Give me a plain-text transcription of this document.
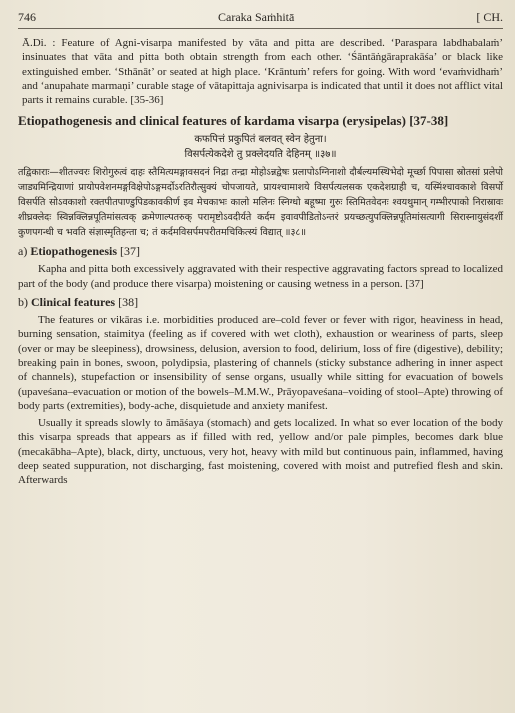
746	Caraka Saṁhitā	[ CH.

Ā.Di. : Feature of Agni-visarpa manifested by vāta and pitta are described. ‘Paraspara labdhabalaṁ’ insinuates that vāta and pitta both obtain strength from each other. ‘Śāntāṅgāraprakāśa’ or black like extinguished ember. ‘Sthānāt’ or seated at high place. ‘Krāntuṁ’ refers for going. With word ‘evaṁvidhaṁ’ and ‘anupahate marmaṇi’ curable stage of vātapittaja agnivisarpa is indicated that until it does not afflict vital parts it remains curable. [35-36]

Etiopathogenesis and clinical features of kardama visarpa (erysipelas) [37-38]
कफपित्तं प्रकुपितं बलवत् स्वेन हेतुना।
विसर्पत्येकदेशे तु प्रक्लेदयति देहिनम् ॥३७॥

तद्विकाराः—शीतज्वरः शिरोगुरुत्वं दाहः स्तैमित्यमङ्गावसदनं निद्रा तन्द्रा मोहोऽन्नद्वेषः प्रलापोऽग्निनाशो दौर्बल्यमस्थिभेदो मूर्च्छा पिपासा स्रोतसां प्रलेपो जाड्यमिन्द्रियाणां प्रायोपवेशनमङ्गविक्षेपोऽङ्गमर्दोऽरतिरौत्सुक्यं चोपजायते, प्रायश्चामाशये विसर्पत्यलसक एकदेशग्राही च, यस्मिंश्चावकाशे विसर्पो विसर्पति सोऽवकाशो रक्तपीतपाण्डुपिडकावकीर्ण इव मेचकाभः कालो मलिनः स्निग्धो बहूष्मा गुरुः स्तिमितवेदनः श्वयथुमान् गम्भीरपाको निरास्रावः शीघ्रक्लेदः स्विन्नक्लिन्नपूतिमांसत्वक् क्रमेणाल्पतरुक् परामृष्टोऽवदीर्यते कर्दम इवावपीडितोऽन्तरं प्रयच्छत्युपक्लिन्नपूतिमांसत्यागी सिरास्नायुसंदर्शी कुणपगन्धी च भवति संज्ञास्मृतिहन्ता च; तं कर्दमविसर्पमपरीतमचिकित्स्यं विद्यात् ॥३८॥

a) Etiopathogenesis [37]

Kapha and pitta both excessively aggravated with their respective aggravating factors spread to localized part of the body (and produce there visarpa) moistening or causing wetness in a person. [37]

b) Clinical features [38]

The features or vikāras i.e. morbidities produced are–cold fever or fever with rigor, heaviness in head, burning sensation, staimitya (feeling as if covered with wet cloth), exhaustion or weariness of parts, sleep (over or may be sleepiness), drowsiness, delusion, aversion to food, delirium, loss of fire (digestive), debility; breaking pain in bones, swoon, polydipsia, plastering of channels (sticky substance adhering in inner aspect of channels), stupefaction or insensibility of sense organs, usually while sitting for evacuation of bowels (upaveśana–evacuation or motion of the bowels–M.M.W., Prāyopaveśana–voiding of stool–Apte) throwing of body parts (extremities), body-ache, disquietude and anxiety manifest.

Usually it spreads slowly to āmāśaya (stomach) and gets localized. In what so ever location of the body this visarpa spreads that appears as if filled with red, yellow and/or pale pimples, becomes dark blue (mecakābha–Apte), black, dirty, unctuous, very hot, heavy with mild but continuous pain, inflammed, having deep seated suppuration, not discharging, fast moistening, covered with moist and putrefied flesh and skin. Afterwards
